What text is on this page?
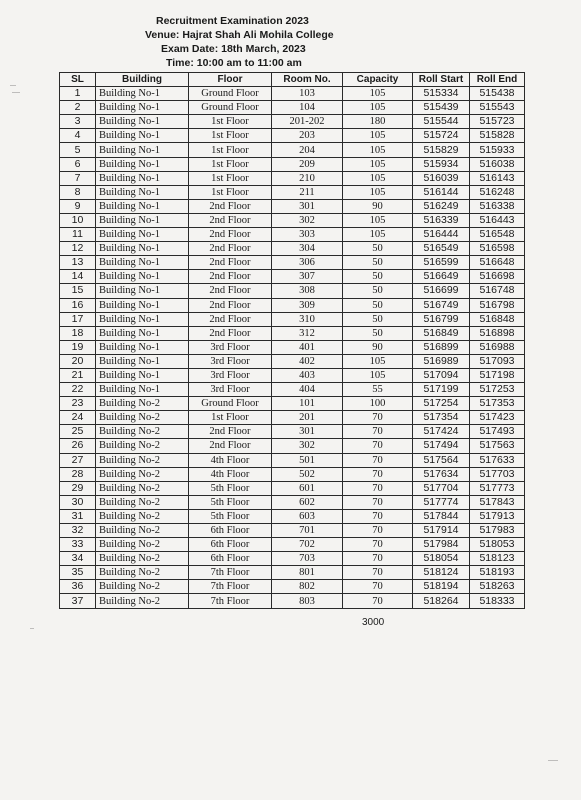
Recruitment Examination 2023
Venue: Hajrat Shah Ali Mohila College
Exam Date: 18th March, 2023
Time: 10:00 am to 11:00 am
SL	Building	Floor	Room No.	Capacity	Roll Start	Roll End
1	Building No-1	Ground Floor	103	105	515334	515438
2	Building No-1	Ground Floor	104	105	515439	515543
3	Building No-1	1st Floor	201-202	180	515544	515723
4	Building No-1	1st Floor	203	105	515724	515828
5	Building No-1	1st Floor	204	105	515829	515933
6	Building No-1	1st Floor	209	105	515934	516038
7	Building No-1	1st Floor	210	105	516039	516143
8	Building No-1	1st Floor	211	105	516144	516248
9	Building No-1	2nd Floor	301	90	516249	516338
10	Building No-1	2nd Floor	302	105	516339	516443
11	Building No-1	2nd Floor	303	105	516444	516548
12	Building No-1	2nd Floor	304	50	516549	516598
13	Building No-1	2nd Floor	306	50	516599	516648
14	Building No-1	2nd Floor	307	50	516649	516698
15	Building No-1	2nd Floor	308	50	516699	516748
16	Building No-1	2nd Floor	309	50	516749	516798
17	Building No-1	2nd Floor	310	50	516799	516848
18	Building No-1	2nd Floor	312	50	516849	516898
19	Building No-1	3rd Floor	401	90	516899	516988
20	Building No-1	3rd Floor	402	105	516989	517093
21	Building No-1	3rd Floor	403	105	517094	517198
22	Building No-1	3rd Floor	404	55	517199	517253
23	Building No-2	Ground Floor	101	100	517254	517353
24	Building No-2	1st Floor	201	70	517354	517423
25	Building No-2	2nd Floor	301	70	517424	517493
26	Building No-2	2nd Floor	302	70	517494	517563
27	Building No-2	4th Floor	501	70	517564	517633
28	Building No-2	4th Floor	502	70	517634	517703
29	Building No-2	5th Floor	601	70	517704	517773
30	Building No-2	5th Floor	602	70	517774	517843
31	Building No-2	5th Floor	603	70	517844	517913
32	Building No-2	6th Floor	701	70	517914	517983
33	Building No-2	6th Floor	702	70	517984	518053
34	Building No-2	6th Floor	703	70	518054	518123
35	Building No-2	7th Floor	801	70	518124	518193
36	Building No-2	7th Floor	802	70	518194	518263
37	Building No-2	7th Floor	803	70	518264	518333
3000
